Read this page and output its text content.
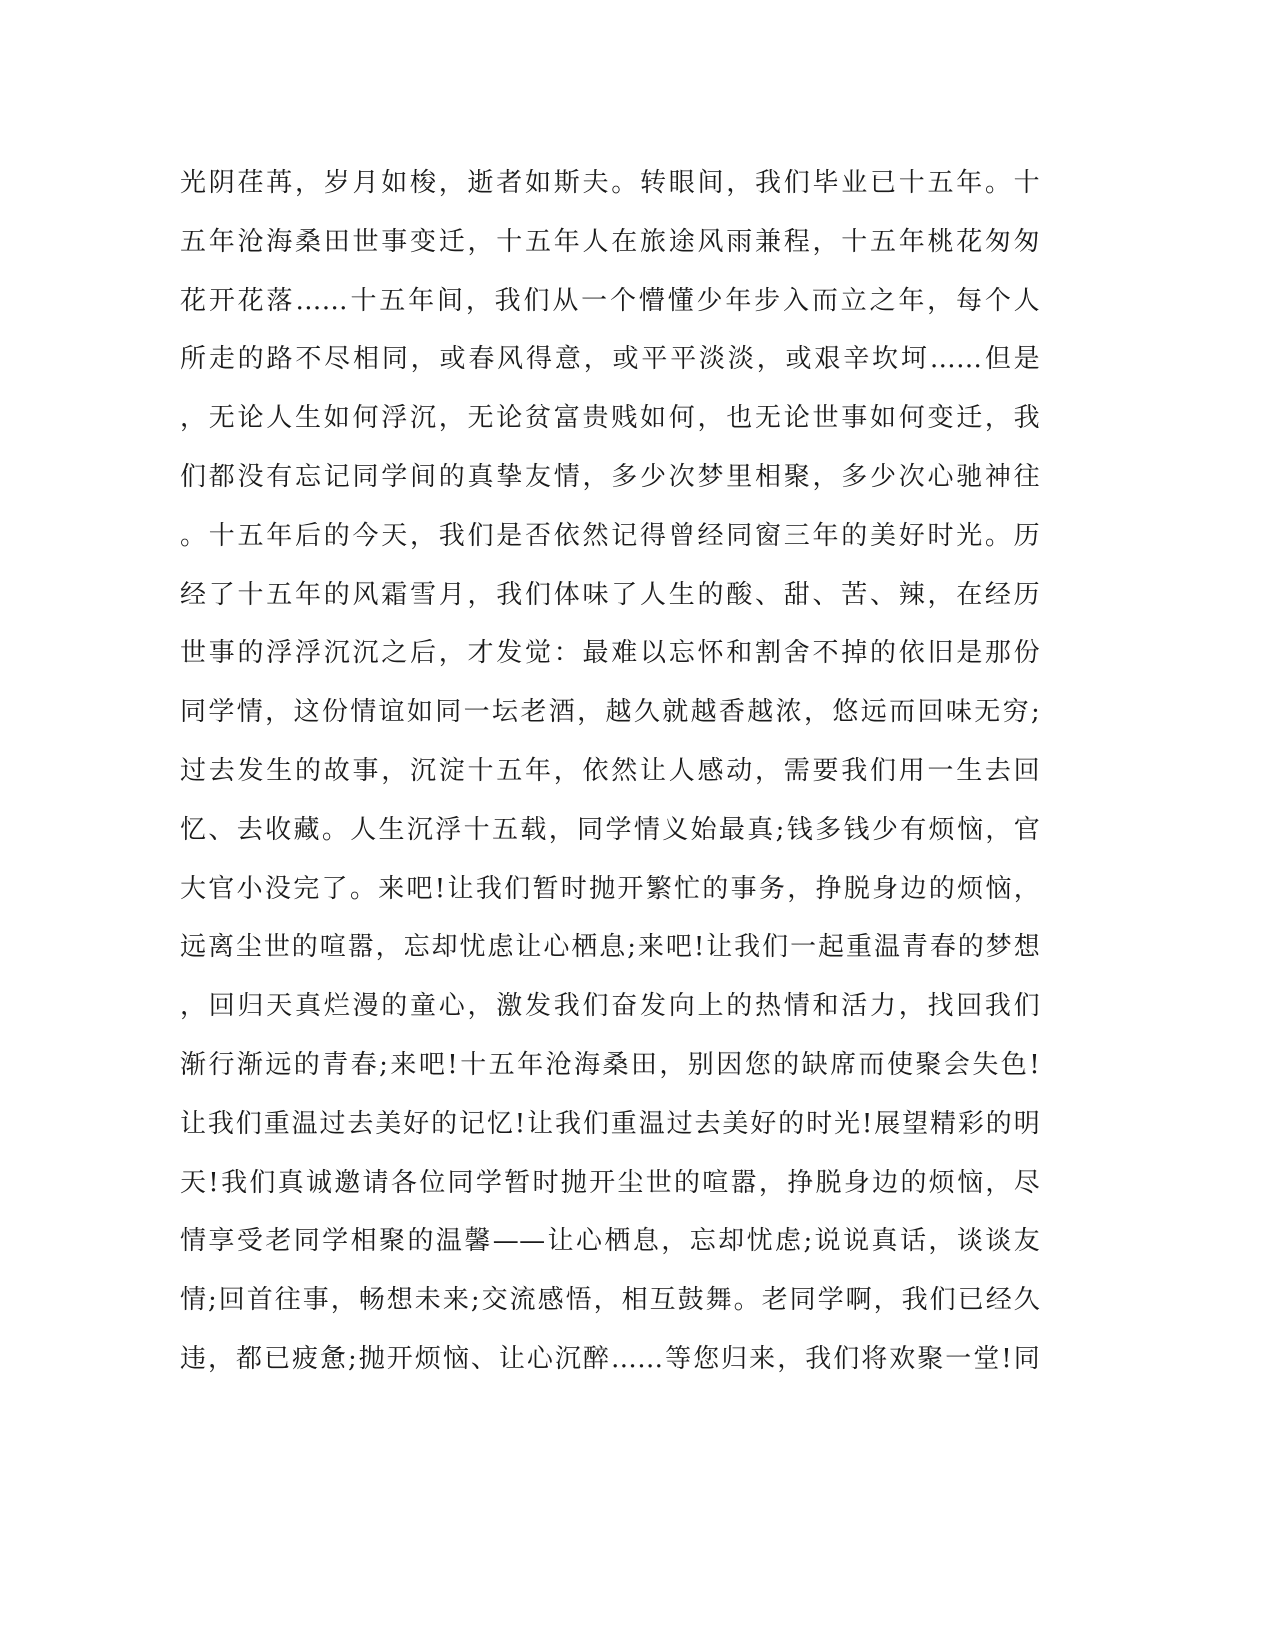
光阴荏苒，岁月如梭，逝者如斯夫。转眼间，我们毕业已十五年。十
五年沧海桑田世事变迁，十五年人在旅途风雨兼程，十五年桃花匆匆
花开花落……十五年间，我们从一个懵懂少年步入而立之年，每个人
所走的路不尽相同，或春风得意，或平平淡淡，或艰辛坎坷……但是
，无论人生如何浮沉，无论贫富贵贱如何，也无论世事如何变迁，我
们都没有忘记同学间的真挚友情，多少次梦里相聚，多少次心驰神往
。十五年后的今天，我们是否依然记得曾经同窗三年的美好时光。历
经了十五年的风霜雪月，我们体味了人生的酸、甜、苦、辣，在经历
世事的浮浮沉沉之后，才发觉：最难以忘怀和割舍不掉的依旧是那份
同学情，这份情谊如同一坛老酒，越久就越香越浓，悠远而回味无穷;
过去发生的故事，沉淀十五年，依然让人感动，需要我们用一生去回
忆、去收藏。人生沉浮十五载，同学情义始最真;钱多钱少有烦恼，官
大官小没完了。来吧!让我们暂时抛开繁忙的事务，挣脱身边的烦恼，
远离尘世的喧嚣，忘却忧虑让心栖息;来吧!让我们一起重温青春的梦想
，回归天真烂漫的童心，激发我们奋发向上的热情和活力，找回我们
渐行渐远的青春;来吧!十五年沧海桑田，别因您的缺席而使聚会失色!
让我们重温过去美好的记忆!让我们重温过去美好的时光!展望精彩的明
天!我们真诚邀请各位同学暂时抛开尘世的喧嚣，挣脱身边的烦恼，尽
情享受老同学相聚的温馨——让心栖息，忘却忧虑;说说真话，谈谈友
情;回首往事，畅想未来;交流感悟，相互鼓舞。老同学啊，我们已经久
违，都已疲惫;抛开烦恼、让心沉醉……等您归来，我们将欢聚一堂!同
